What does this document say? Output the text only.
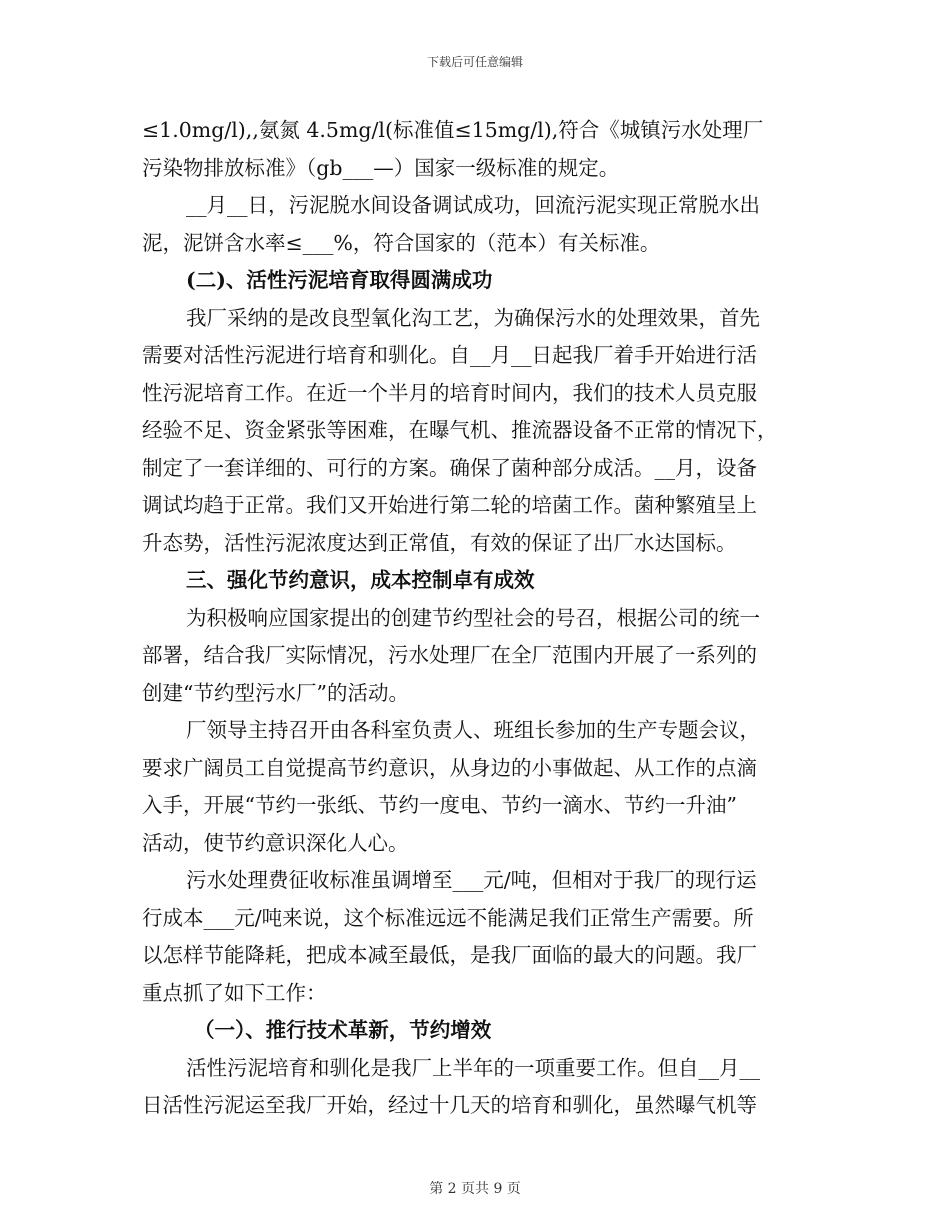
下载后可任意编辑
≤1.0mg/l),,氨氮 4.5mg/l(标准值≤15mg/l),符合《城镇污水处理厂
污染物排放标准》（gb___—）国家一级标准的规定。
__月__日，污泥脱水间设备调试成功，回流污泥实现正常脱水出
泥，泥饼含水率≤___%，符合国家的（范本）有关标准。
(二)、活性污泥培育取得圆满成功
我厂采纳的是改良型氧化沟工艺，为确保污水的处理效果，首先
需要对活性污泥进行培育和驯化。自__月__日起我厂着手开始进行活
性污泥培育工作。在近一个半月的培育时间内，我们的技术人员克服
经验不足、资金紧张等困难，在曝气机、推流器设备不正常的情况下，
制定了一套详细的、可行的方案。确保了菌种部分成活。__月，设备
调试均趋于正常。我们又开始进行第二轮的培菌工作。菌种繁殖呈上
升态势，活性污泥浓度达到正常值，有效的保证了出厂水达国标。
三、强化节约意识，成本控制卓有成效
为积极响应国家提出的创建节约型社会的号召，根据公司的统一
部署，结合我厂实际情况，污水处理厂在全厂范围内开展了一系列的
创建“节约型污水厂”的活动。
厂领导主持召开由各科室负责人、班组长参加的生产专题会议，
要求广阔员工自觉提高节约意识，从身边的小事做起、从工作的点滴
入手，开展“节约一张纸、节约一度电、节约一滴水、节约一升油”
活动，使节约意识深化人心。
污水处理费征收标准虽调增至___元/吨，但相对于我厂的现行运
行成本___元/吨来说，这个标准远远不能满足我们正常生产需要。所
以怎样节能降耗，把成本减至最低，是我厂面临的最大的问题。我厂
重点抓了如下工作：
（一）、推行技术革新，节约增效
活性污泥培育和驯化是我厂上半年的一项重要工作。但自__月__
日活性污泥运至我厂开始，经过十几天的培育和驯化，虽然曝气机等
第 2 页共 9 页
